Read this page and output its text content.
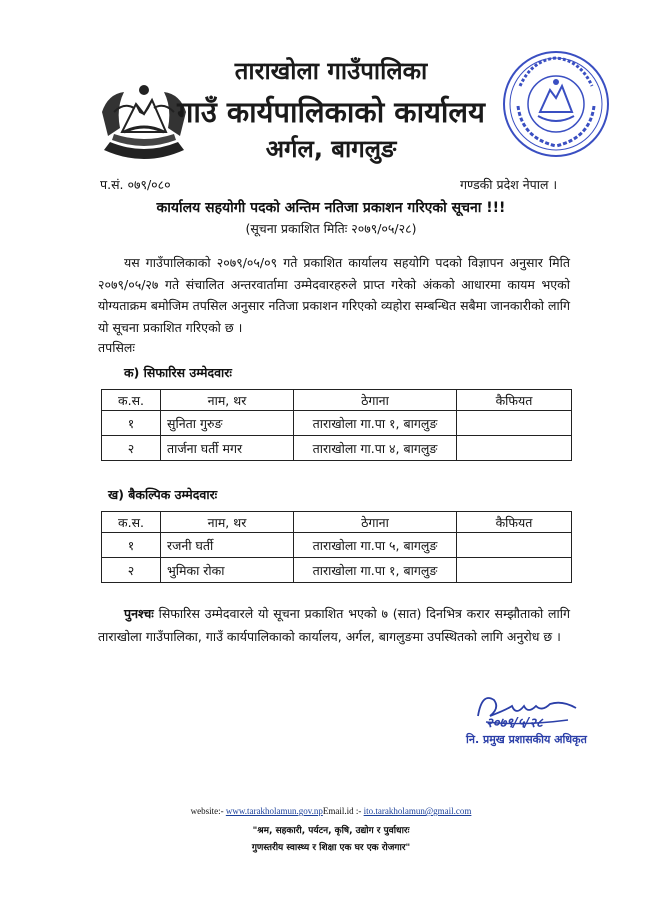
ताराखोला गाउँपालिका
गाउँ कार्यपालिकाको कार्यालय
अर्गल, बागलुङ
प.सं. ०७९/०८०	गण्डकी प्रदेश नेपाल ।
कार्यालय सहयोगी पदको अन्तिम नतिजा प्रकाशन गरिएको सूचना !!!
(सूचना प्रकाशित मितिः २०७९/०५/२८)

यस गाउँपालिकाको २०७९/०५/०९ गते प्रकाशित कार्यालय सहयोगि पदको विज्ञापन अनुसार मिति २०७९/०५/२७ गते संचालित अन्तरवार्तामा उम्मेदवारहरुले प्राप्त गरेको अंकको आधारमा कायम भएको योग्यताक्रम बमोजिम तपसिल अनुसार नतिजा प्रकाशन गरिएको व्यहोरा सम्बन्धित सबैमा जानकारीको लागि यो सूचना प्रकाशित गरिएको छ ।

तपसिलः
क) सिफारिस उम्मेदवारः
क.स.	नाम, थर	ठेगाना	कैफियत
१	सुनिता गुरुङ	ताराखोला गा.पा १, बागलुङ	
२	तार्जना घर्ती मगर	ताराखोला गा.पा ४, बागलुङ	
ख) बैकल्पिक उम्मेदवारः
क.स.	नाम, थर	ठेगाना	कैफियत
१	रजनी घर्ती	ताराखोला गा.पा ५, बागलुङ	
२	भुमिका रोका	ताराखोला गा.पा १, बागलुङ	

पुनश्चः सिफारिस उम्मेदवारले यो सूचना प्रकाशित भएको ७ (सात) दिनभित्र करार सम्झौताको लागि ताराखोला गाउँपालिका, गाउँ कार्यपालिकाको कार्यालय, अर्गल, बागलुङमा उपस्थितको लागि अनुरोध छ ।

२०७९/५/२८
नि. प्रमुख प्रशासकीय अधिकृत
website:- www.tarakholamun.gov.npEmail.id :- ito.tarakholamun@gmail.com
"श्रम, सहकारी, पर्यटन, कृषि, उद्योग र पुर्वाधारः
गुणस्तरीय स्वास्थ्य र शिक्षा एक घर एक रोजगार"
